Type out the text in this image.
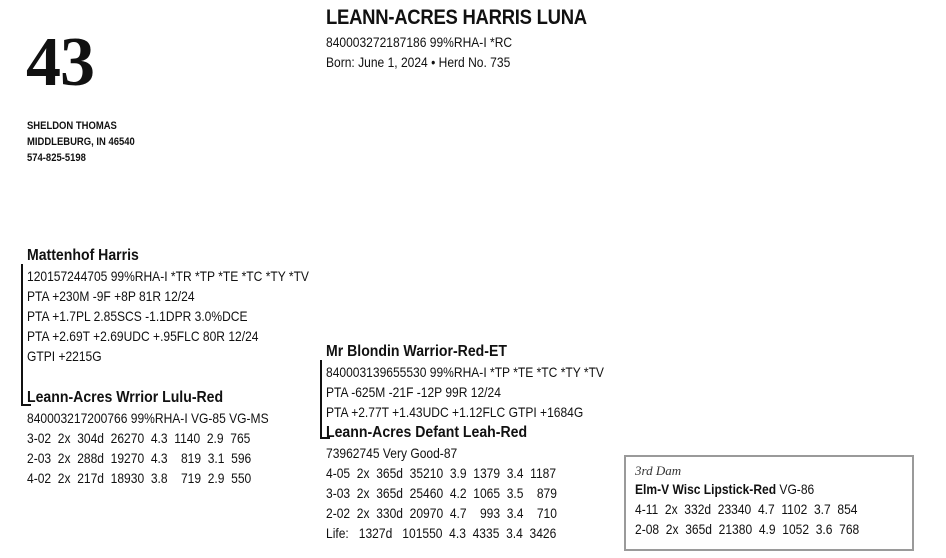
43
SHELDON THOMAS
MIDDLEBURG, IN 46540
574-825-5198
LEANN-ACRES HARRIS LUNA
840003272187186 99%RHA-I *RC
Born: June 1, 2024 • Herd No. 735
Mattenhof Harris
120157244705 99%RHA-I *TR *TP *TE *TC *TY *TV
PTA +230M -9F +8P 81R 12/24
PTA +1.7PL 2.85SCS -1.1DPR 3.0%DCE
PTA +2.69T +2.69UDC +.95FLC 80R 12/24
GTPI +2215G
Leann-Acres Wrrior Lulu-Red
840003217200766 99%RHA-I VG-85 VG-MS
3-02  2x  304d  26270  4.3  1140  2.9  765
2-03  2x  288d  19270  4.3    819  3.1  596
4-02  2x  217d  18930  3.8    719  2.9  550
Mr Blondin Warrior-Red-ET
840003139655530 99%RHA-I *TP *TE *TC *TY *TV
PTA -625M -21F -12P 99R 12/24
PTA +2.77T +1.43UDC +1.12FLC GTPI +1684G
Leann-Acres Defant Leah-Red
73962745 Very Good-87
4-05  2x  365d  35210  3.9  1379  3.4  1187
3-03  2x  365d  25460  4.2  1065  3.5    879
2-02  2x  330d  20970  4.7    993  3.4    710
Life:   1327d   101550  4.3  4335  3.4  3426
3rd Dam
Elm-V Wisc Lipstick-Red VG-86
4-11  2x  332d  23340  4.7  1102  3.7  854
2-08  2x  365d  21380  4.9  1052  3.6  768
